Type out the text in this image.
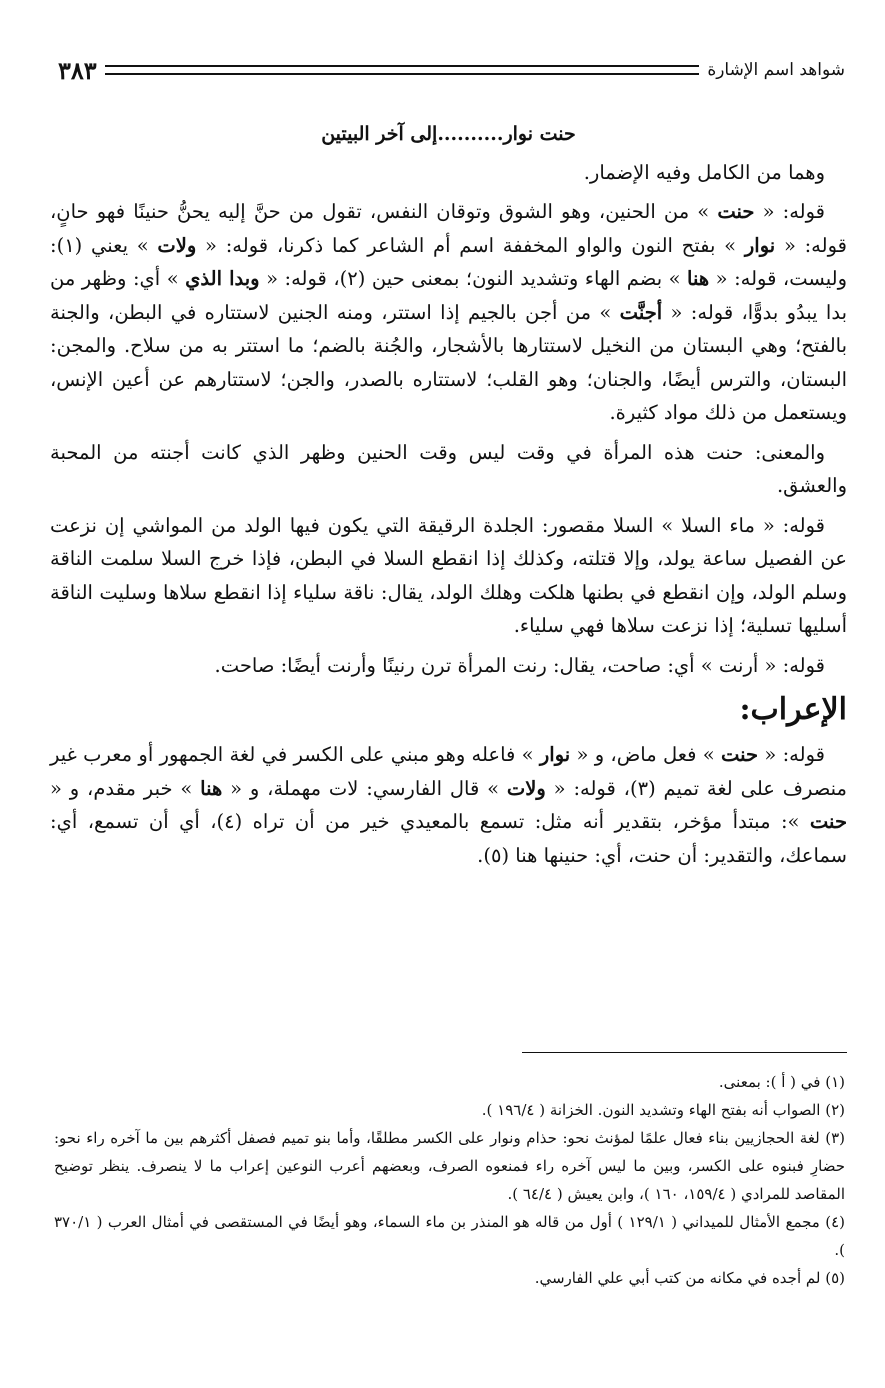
شواهد اسم الإشارة
٣٨٣
حنت نوار..........إلى آخر البيتين

وهما من الكامل وفيه الإضمار.

قوله: « حنت » من الحنين، وهو الشوق وتوقان النفس، تقول من حنَّ إليه يحنُّ حنينًا فهو حانٍ، قوله: « نوار » بفتح النون والواو المخففة اسم أم الشاعر كما ذكرنا، قوله: « ولات » يعني (١): وليست، قوله: « هنا » بضم الهاء وتشديد النون؛ بمعنى حين (٢)، قوله: « وبدا الذي » أي: وظهر من بدا يبدُو بدوًّا، قوله: « أجنَّت » من أجن بالجيم إذا استتر، ومنه الجنين لاستتاره في البطن، والجنة بالفتح؛ وهي البستان من النخيل لاستتارها بالأشجار، والجُنة بالضم؛ ما استتر به من سلاح. والمجن: البستان، والترس أيضًا، والجنان؛ وهو القلب؛ لاستتاره بالصدر، والجن؛ لاستتارهم عن أعين الإنس، ويستعمل من ذلك مواد كثيرة.

والمعنى: حنت هذه المرأة في وقت ليس وقت الحنين وظهر الذي كانت أجنته من المحبة والعشق.

قوله: « ماء السلا » السلا مقصور: الجلدة الرقيقة التي يكون فيها الولد من المواشي إن نزعت عن الفصيل ساعة يولد، وإلا قتلته، وكذلك إذا انقطع السلا في البطن، فإذا خرج السلا سلمت الناقة وسلم الولد، وإن انقطع في بطنها هلكت وهلك الولد، يقال: ناقة سلياء إذا انقطع سلاها وسليت الناقة أسليها تسلية؛ إذا نزعت سلاها فهي سلياء.

قوله: « أرنت » أي: صاحت، يقال: رنت المرأة ترن رنينًا وأرنت أيضًا: صاحت.

الإعراب:

قوله: « حنت » فعل ماض، و « نوار » فاعله وهو مبني على الكسر في لغة الجمهور أو معرب غير منصرف على لغة تميم (٣)، قوله: « ولات » قال الفارسي: لات مهملة، و « هنا » خبر مقدم، و « حنت »: مبتدأ مؤخر، بتقدير أنه مثل: تسمع بالمعيدي خير من أن تراه (٤)، أي أن تسمع، أي: سماعك، والتقدير: أن حنت، أي: حنينها هنا (٥).

(١) في ( أ ): بمعنى.

(٢) الصواب أنه بفتح الهاء وتشديد النون. الخزانة ( ١٩٦/٤ ).

(٣) لغة الحجازيين بناء فعال علمًا لمؤنث نحو: حذام ونوار على الكسر مطلقًا، وأما بنو تميم فصفل أكثرهم بين ما آخره راء نحو: حضارِ فبنوه على الكسر، وبين ما ليس آخره راء فمنعوه الصرف، وبعضهم أعرب النوعين إعراب ما لا ينصرف. ينظر توضيح المقاصد للمرادي ( ١٥٩/٤، ١٦٠ )، وابن يعيش ( ٦٤/٤ ).

(٤) مجمع الأمثال للميداني ( ١٢٩/١ ) أول من قاله هو المنذر بن ماء السماء، وهو أيضًا في المستقصى في أمثال العرب ( ٣٧٠/١ ).

(٥) لم أجده في مكانه من كتب أبي علي الفارسي.
